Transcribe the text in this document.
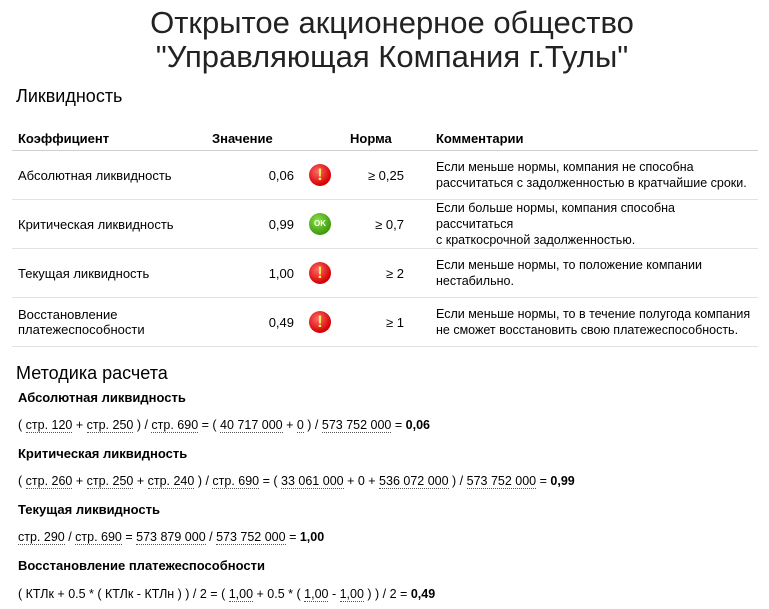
Открытое акционерное общество
"Управляющая Компания г.Тулы"
Ликвидность
Коэффициент	Значение		Норма	Комментарии
Абсолютная ликвидность	0,06	!	≥ 0,25	Если меньше нормы, компания не способна
рассчитаться с задолженностью в кратчайшие сроки.
Критическая ликвидность	0,99	OK	≥ 0,7	Если больше нормы, компания способна рассчитаться
с краткосрочной задолженностью.
Текущая ликвидность	1,00	!	≥ 2	Если меньше нормы, то положение компании
нестабильно.
Восстановление
платежеспособности	0,49	!	≥ 1	Если меньше нормы, то в течение полугода компания
не сможет восстановить свою платежеспособность.
Методика расчета
Абсолютная ликвидность
( стр. 120 + стр. 250 ) / стр. 690 = ( 40 717 000 + 0 ) / 573 752 000 = 0,06
Критическая ликвидность
( стр. 260 + стр. 250 + стр. 240 ) / стр. 690 = ( 33 061 000 + 0 + 536 072 000 ) / 573 752 000 = 0,99
Текущая ликвидность
стр. 290 / стр. 690 = 573 879 000 / 573 752 000 = 1,00
Восстановление платежеспособности
( КТЛк + 0.5 * ( КТЛк - КТЛн ) ) / 2 = ( 1,00 + 0.5 * ( 1,00 - 1,00 ) ) / 2 = 0,49
